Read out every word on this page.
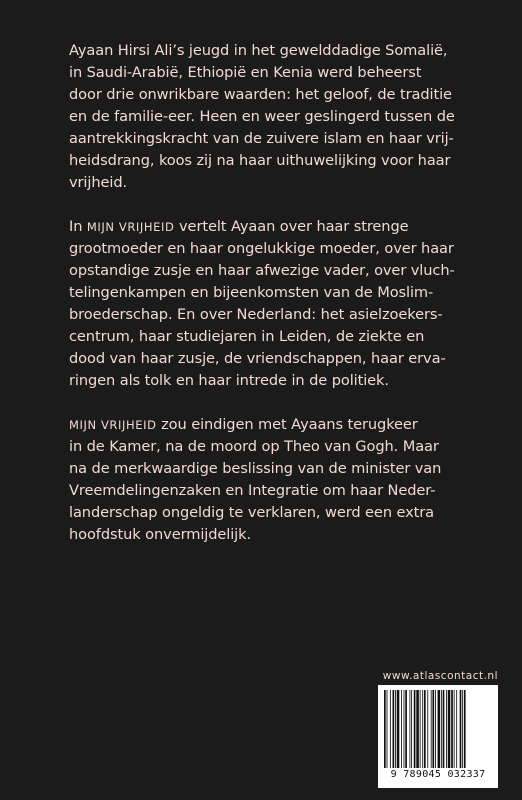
Ayaan Hirsi Ali’s jeugd in het gewelddadige Somalië,
in Saudi-Arabië, Ethiopië en Kenia werd beheerst
door drie onwrikbare waarden: het geloof, de traditie
en de familie-eer. Heen en weer geslingerd tussen de
aantrekkingskracht van de zuivere islam en haar vrij-
heidsdrang, koos zij na haar uithuwelijking voor haar
vrijheid.

In MIJN VRIJHEID vertelt Ayaan over haar strenge
grootmoeder en haar ongelukkige moeder, over haar
opstandige zusje en haar afwezige vader, over vluch-
telingenkampen en bijeenkomsten van de Moslim-
broederschap. En over Nederland: het asielzoekers-
centrum, haar studiejaren in Leiden, de ziekte en
dood van haar zusje, de vriendschappen, haar erva-
ringen als tolk en haar intrede in de politiek.

MIJN VRIJHEID zou eindigen met Ayaans terugkeer
in de Kamer, na de moord op Theo van Gogh. Maar
na de merkwaardige beslissing van de minister van
Vreemdelingenzaken en Integratie om haar Neder-
landerschap ongeldig te verklaren, werd een extra
hoofdstuk onvermijdelijk.

www.atlascontact.nl
9 789045 032337
